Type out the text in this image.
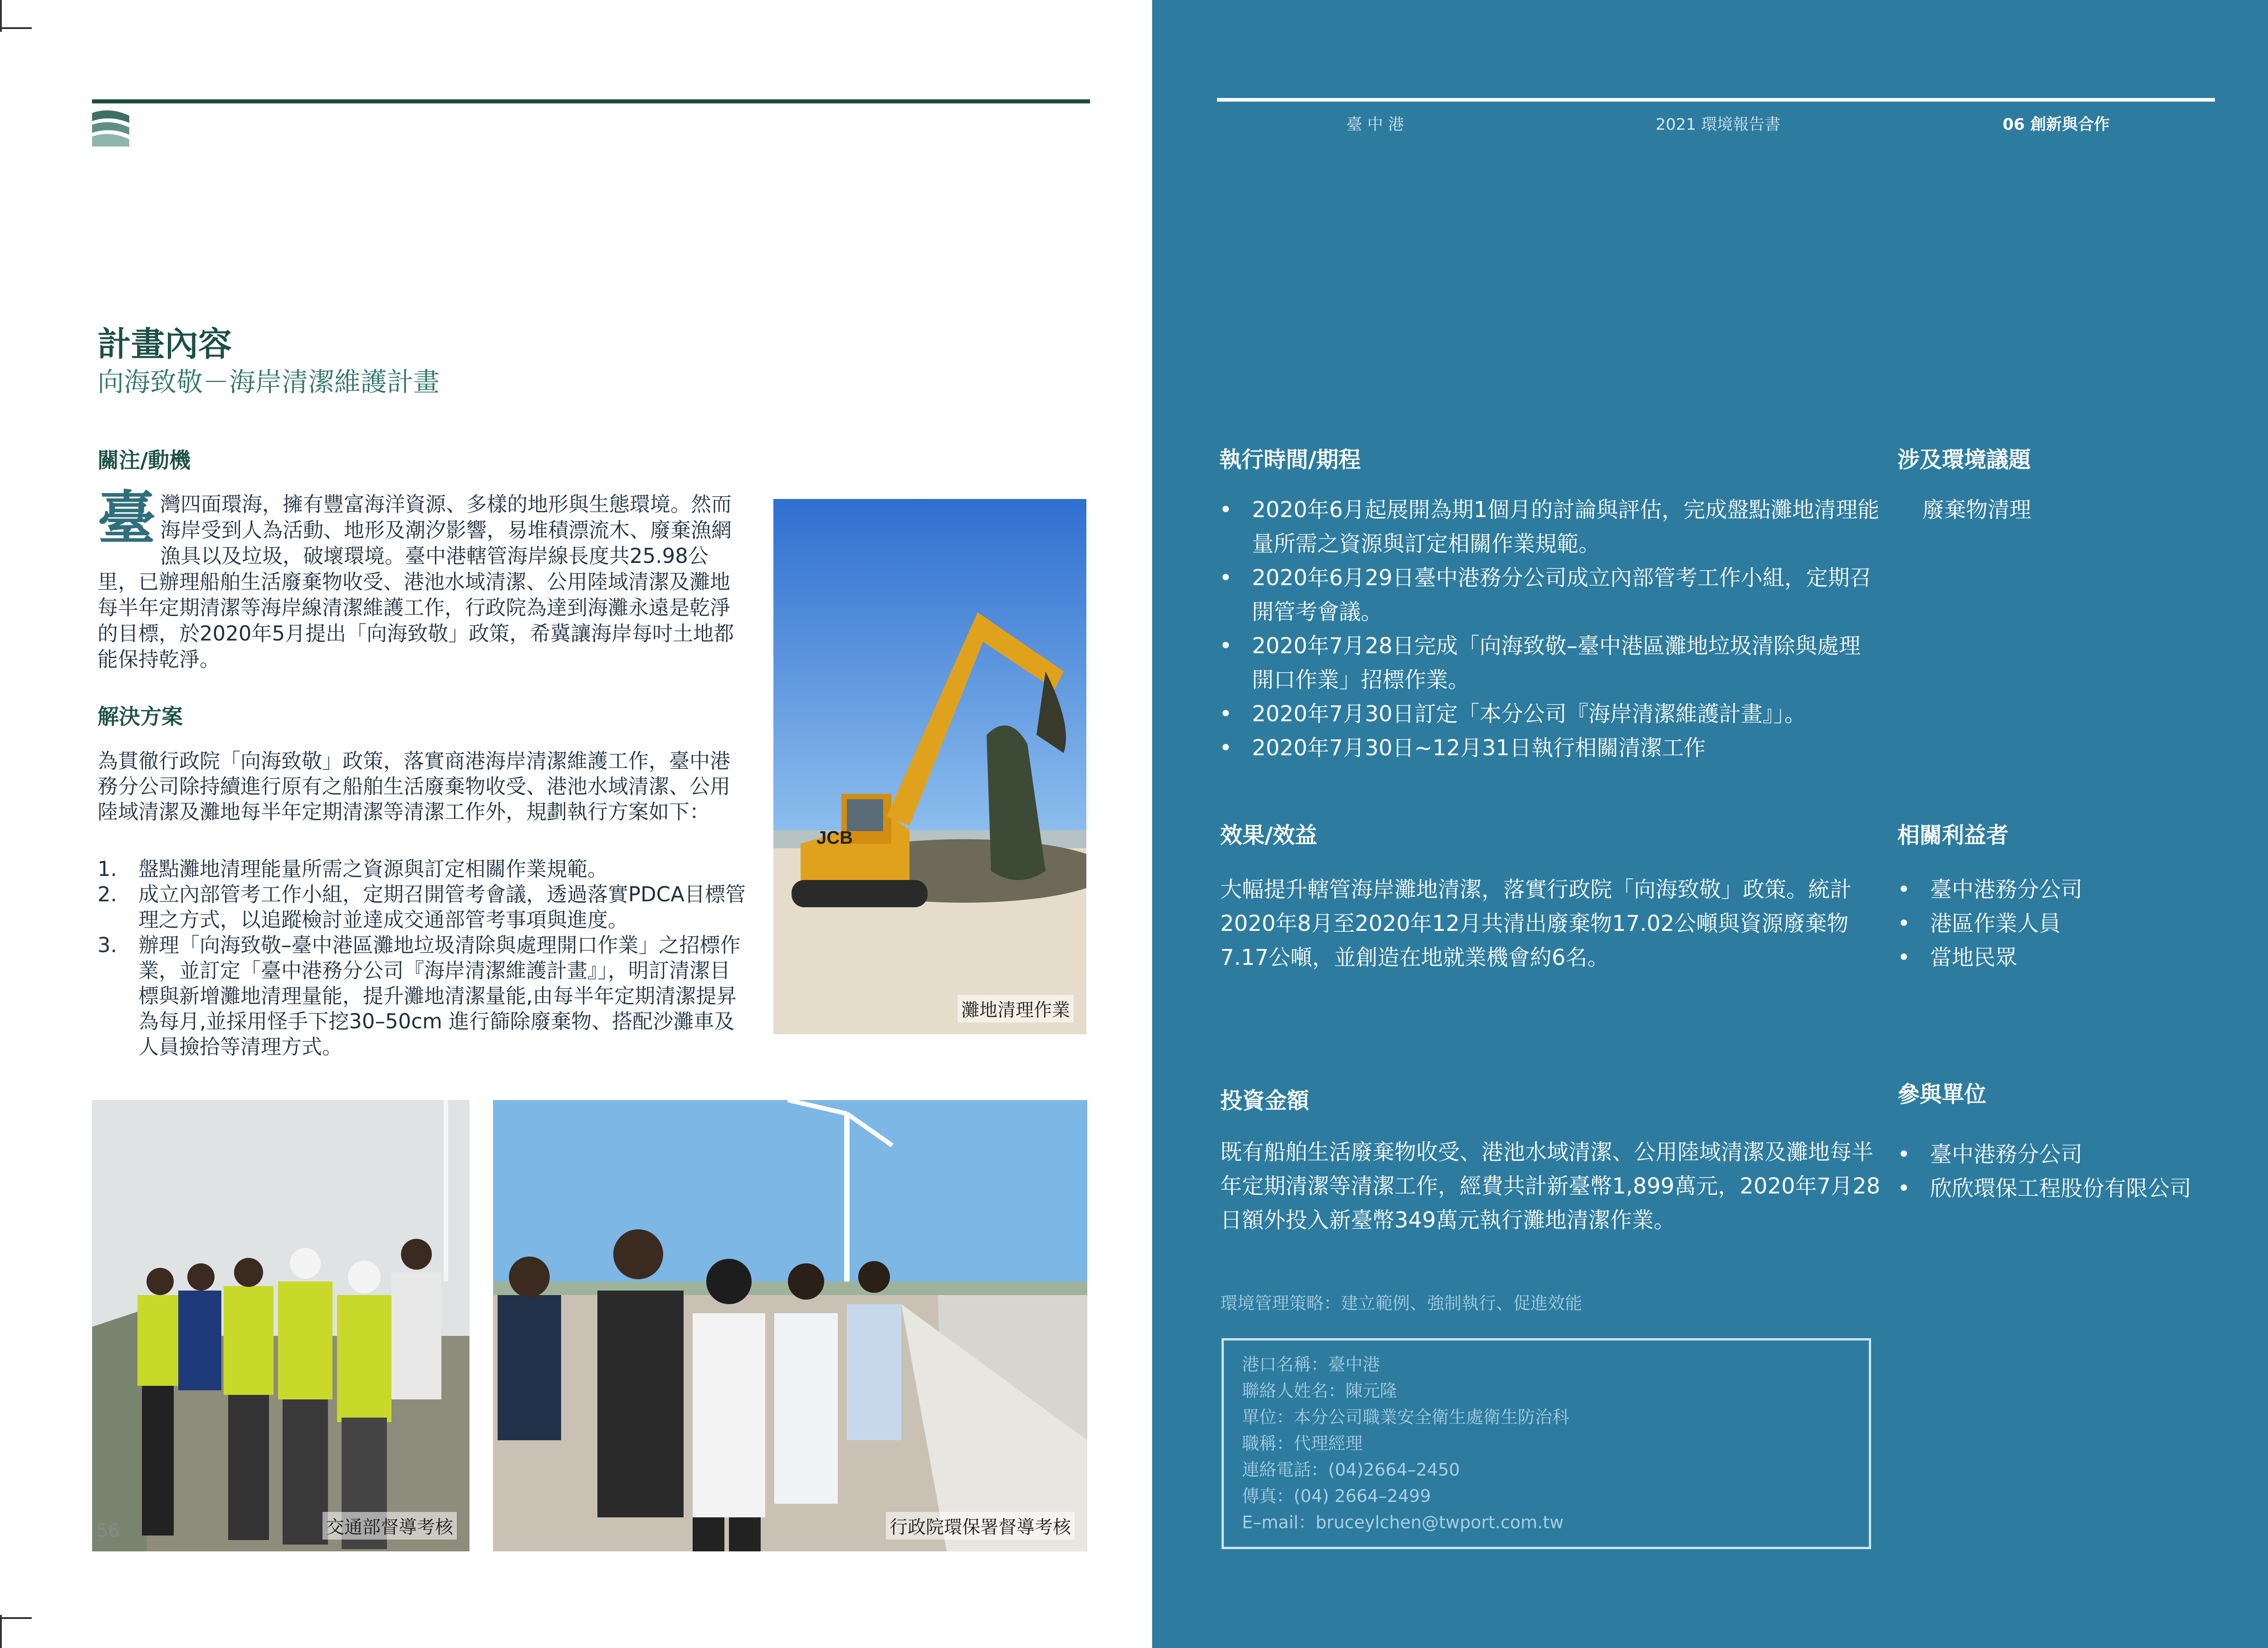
計畫內容
向海致敬－海岸清潔維護計畫
關注/動機
臺灣四面環海，擁有豐富海洋資源、多樣的地形與生態環境。然而海岸受到人為活動、地形及潮汐影響，易堆積漂流木、廢棄漁網漁具以及垃圾，破壞環境。臺中港轄管海岸線長度共25.98公里，已辦理船舶生活廢棄物收受、港池水域清潔、公用陸域清潔及灘地每半年定期清潔等海岸線清潔維護工作，行政院為達到海灘永遠是乾淨的目標，於2020年5月提出「向海致敬」政策，希冀讓海岸每吋土地都能保持乾淨。
解決方案
為貫徹行政院「向海致敬」政策，落實商港海岸清潔維護工作，臺中港務分公司除持續進行原有之船舶生活廢棄物收受、港池水域清潔、公用陸域清潔及灘地每半年定期清潔等清潔工作外，規劃執行方案如下：
1. 盤點灘地清理能量所需之資源與訂定相關作業規範。
2. 成立內部管考工作小組，定期召開管考會議，透過落實PDCA目標管理之方式，以追蹤檢討並達成交通部管考事項與進度。
3. 辦理「向海致敬–臺中港區灘地垃圾清除與處理開口作業」之招標作業，並訂定「臺中港務分公司『海岸清潔維護計畫』」，明訂清潔目標與新增灘地清理量能，提升灘地清潔量能,由每半年定期清潔提昇為每月,並採用怪手下挖30–50cm 進行篩除廢棄物、搭配沙灘車及人員撿拾等清理方式。
JCB
灘地清理作業
交通部督導考核	行政院環保署督導考核
56
臺 中 港	2021 環境報告書	06 創新與合作
執行時間/期程
• 2020年6月起展開為期1個月的討論與評估，完成盤點灘地清理能量所需之資源與訂定相關作業規範。
• 2020年6月29日臺中港務分公司成立內部管考工作小組，定期召開管考會議。
• 2020年7月28日完成「向海致敬–臺中港區灘地垃圾清除與處理開口作業」招標作業。
• 2020年7月30日訂定「本分公司『海岸清潔維護計畫』」。
• 2020年7月30日~12月31日執行相關清潔工作
涉及環境議題
廢棄物清理
效果/效益
大幅提升轄管海岸灘地清潔，落實行政院「向海致敬」政策。統計2020年8月至2020年12月共清出廢棄物17.02公噸與資源廢棄物7.17公噸，並創造在地就業機會約6名。
相關利益者
• 臺中港務分公司
• 港區作業人員
• 當地民眾
投資金額
既有船舶生活廢棄物收受、港池水域清潔、公用陸域清潔及灘地每半年定期清潔等清潔工作，經費共計新臺幣1,899萬元，2020年7月28日額外投入新臺幣349萬元執行灘地清潔作業。
參與單位
• 臺中港務分公司
• 欣欣環保工程股份有限公司
環境管理策略：建立範例、強制執行、促進效能
港口名稱：臺中港
聯絡人姓名：陳元隆
單位：本分公司職業安全衛生處衛生防治科
職稱：代理經理
連絡電話：(04)2664–2450
傳真：(04) 2664–2499
E–mail：bruceylchen@twport.com.tw
